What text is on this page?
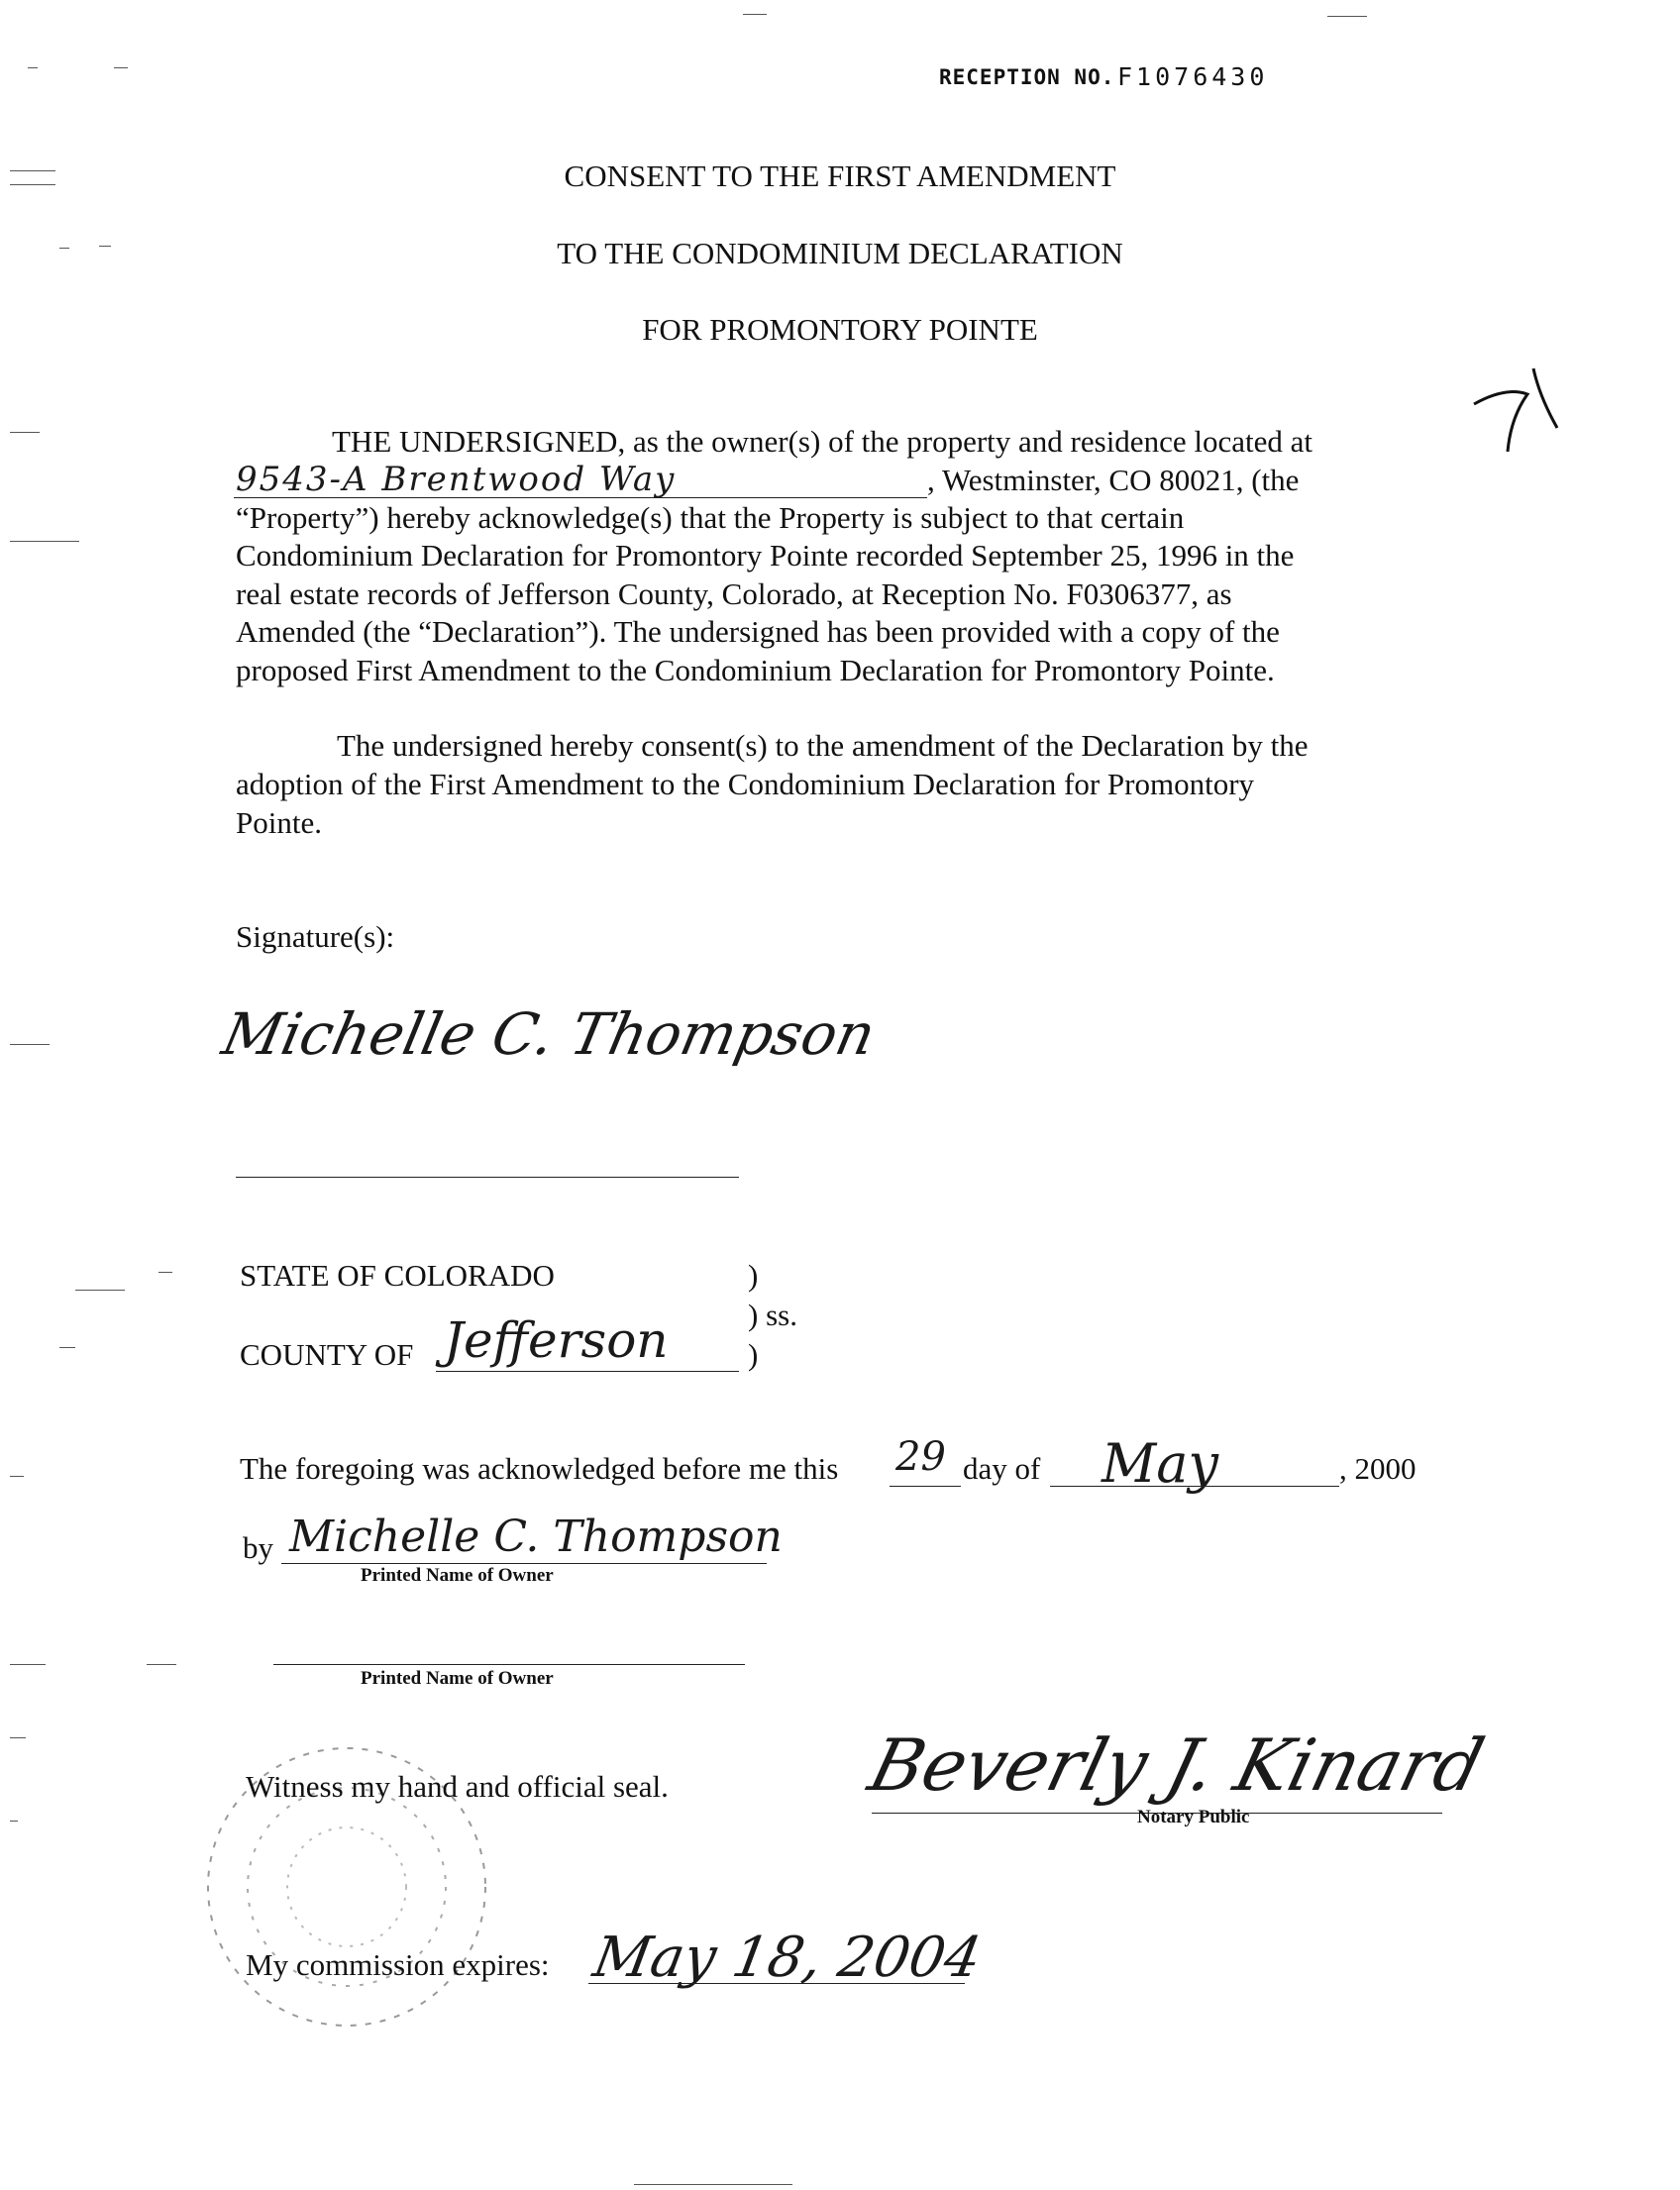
RECEPTION NO. F1076430
CONSENT TO THE FIRST AMENDMENT
TO THE CONDOMINIUM DECLARATION
FOR PROMONTORY POINTE
THE UNDERSIGNED, as the owner(s) of the property and residence located at
9543-A Brentwood Way	, Westminster, CO 80021, (the
“Property”) hereby acknowledge(s) that the Property is subject to that certain
Condominium Declaration for Promontory Pointe recorded September 25, 1996 in the
real estate records of Jefferson County, Colorado, at Reception No. F0306377, as
Amended (the “Declaration”). The undersigned has been provided with a copy of the
proposed First Amendment to the Condominium Declaration for Promontory Pointe.
The undersigned hereby consent(s) to the amendment of the Declaration by the
adoption of the First Amendment to the Condominium Declaration for Promontory
Pointe.
Signature(s):
Michelle C. Thompson
STATE OF COLORADO	)
) ss.
COUNTY OF Jefferson	)
The foregoing was acknowledged before me this 29 day of May	, 2000
by Michelle C. Thompson
Printed Name of Owner
Printed Name of Owner
Witness my hand and official seal.	Beverly J. Kinard
Notary Public
My commission expires: May 18, 2004
